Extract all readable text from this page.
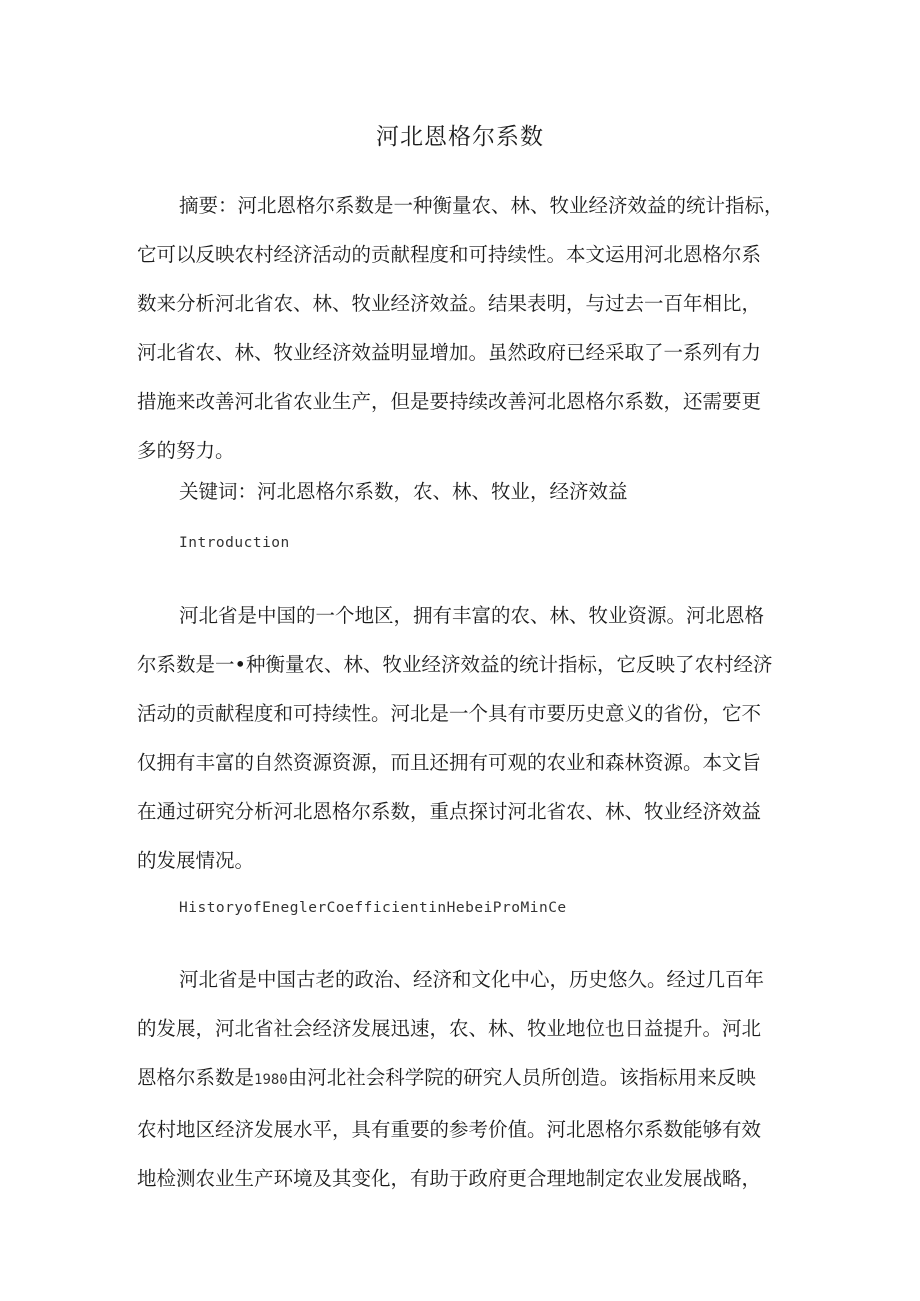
河北恩格尔系数
摘要：河北恩格尔系数是一种衡量农、林、牧业经济效益的统计指标，
它可以反映农村经济活动的贡献程度和可持续性。本文运用河北恩格尔系
数来分析河北省农、林、牧业经济效益。结果表明，与过去一百年相比，
河北省农、林、牧业经济效益明显增加。虽然政府已经采取了一系列有力
措施来改善河北省农业生产，但是要持续改善河北恩格尔系数，还需要更
多的努力。
关键词：河北恩格尔系数，农、林、牧业，经济效益
Introduction
河北省是中国的一个地区，拥有丰富的农、林、牧业资源。河北恩格
尔系数是一•种衡量农、林、牧业经济效益的统计指标，它反映了农村经济
活动的贡献程度和可持续性。河北是一个具有市要历史意义的省份，它不
仅拥有丰富的自然资源资源，而且还拥有可观的农业和森林资源。本文旨
在通过研究分析河北恩格尔系数，重点探讨河北省农、林、牧业经济效益
的发展情况。
HistoryofEneglerCoefficientinHebeiProMinCe
河北省是中国古老的政治、经济和文化中心，历史悠久。经过几百年
的发展，河北省社会经济发展迅速，农、林、牧业地位也日益提升。河北
恩格尔系数是1980由河北社会科学院的研究人员所创造。该指标用来反映
农村地区经济发展水平，具有重要的参考价值。河北恩格尔系数能够有效
地检测农业生产环境及其变化，有助于政府更合理地制定农业发展战略，
